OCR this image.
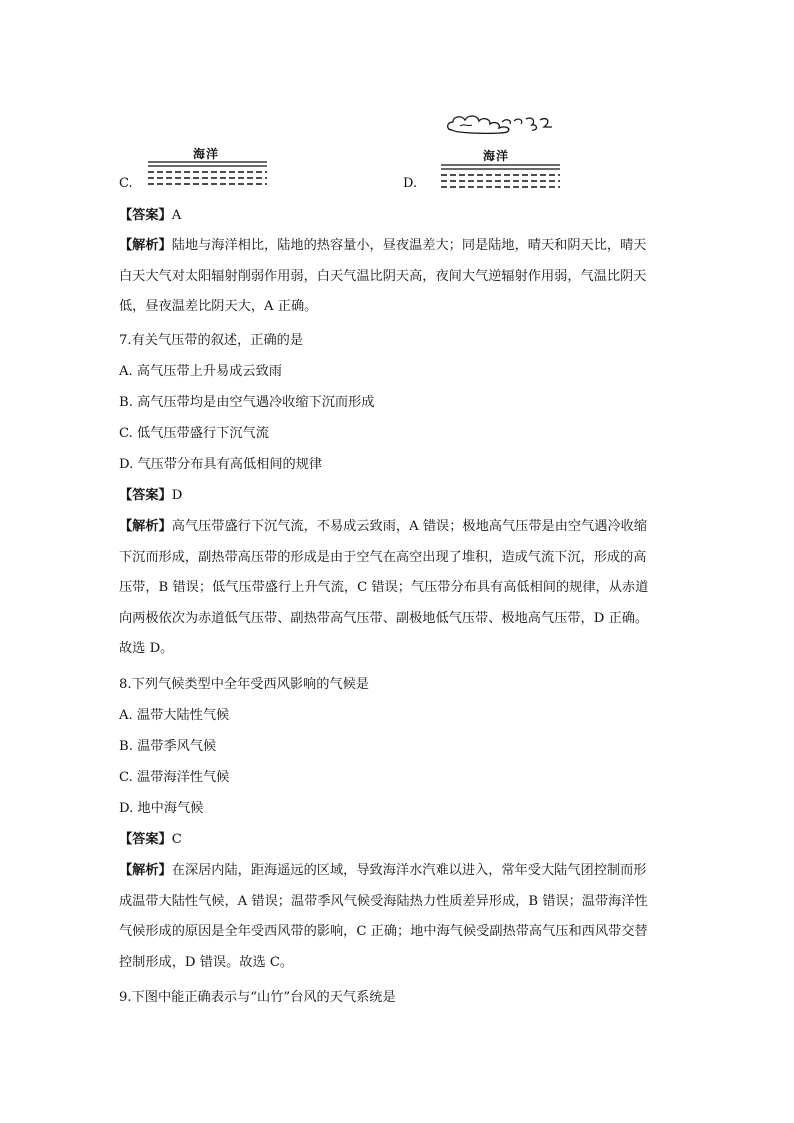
C.
海洋
D.
海洋
【答案】A
【解析】陆地与海洋相比，陆地的热容量小，昼夜温差大；同是陆地，晴天和阴天比，晴天
白天大气对太阳辐射削弱作用弱，白天气温比阴天高，夜间大气逆辐射作用弱，气温比阴天
低，昼夜温差比阴天大，A 正确。
7.有关气压带的叙述，正确的是
A. 高气压带上升易成云致雨
B. 高气压带均是由空气遇冷收缩下沉而形成
C. 低气压带盛行下沉气流
D. 气压带分布具有高低相间的规律
【答案】D
【解析】高气压带盛行下沉气流，不易成云致雨，A 错误；极地高气压带是由空气遇冷收缩
下沉而形成，副热带高压带的形成是由于空气在高空出现了堆积，造成气流下沉，形成的高
压带，B 错误；低气压带盛行上升气流，C 错误；气压带分布具有高低相间的规律，从赤道
向两极依次为赤道低气压带、副热带高气压带、副极地低气压带、极地高气压带，D 正确。
故选 D。
8.下列气候类型中全年受西风影响的气候是
A. 温带大陆性气候
B. 温带季风气候
C. 温带海洋性气候
D. 地中海气候
【答案】C
【解析】在深居内陆，距海遥远的区域，导致海洋水汽难以进入，常年受大陆气团控制而形
成温带大陆性气候，A 错误；温带季风气候受海陆热力性质差异形成，B 错误；温带海洋性
气候形成的原因是全年受西风带的影响，C 正确；地中海气候受副热带高气压和西风带交替
控制形成，D 错误。故选 C。
9.下图中能正确表示与“山竹”台风的天气系统是
